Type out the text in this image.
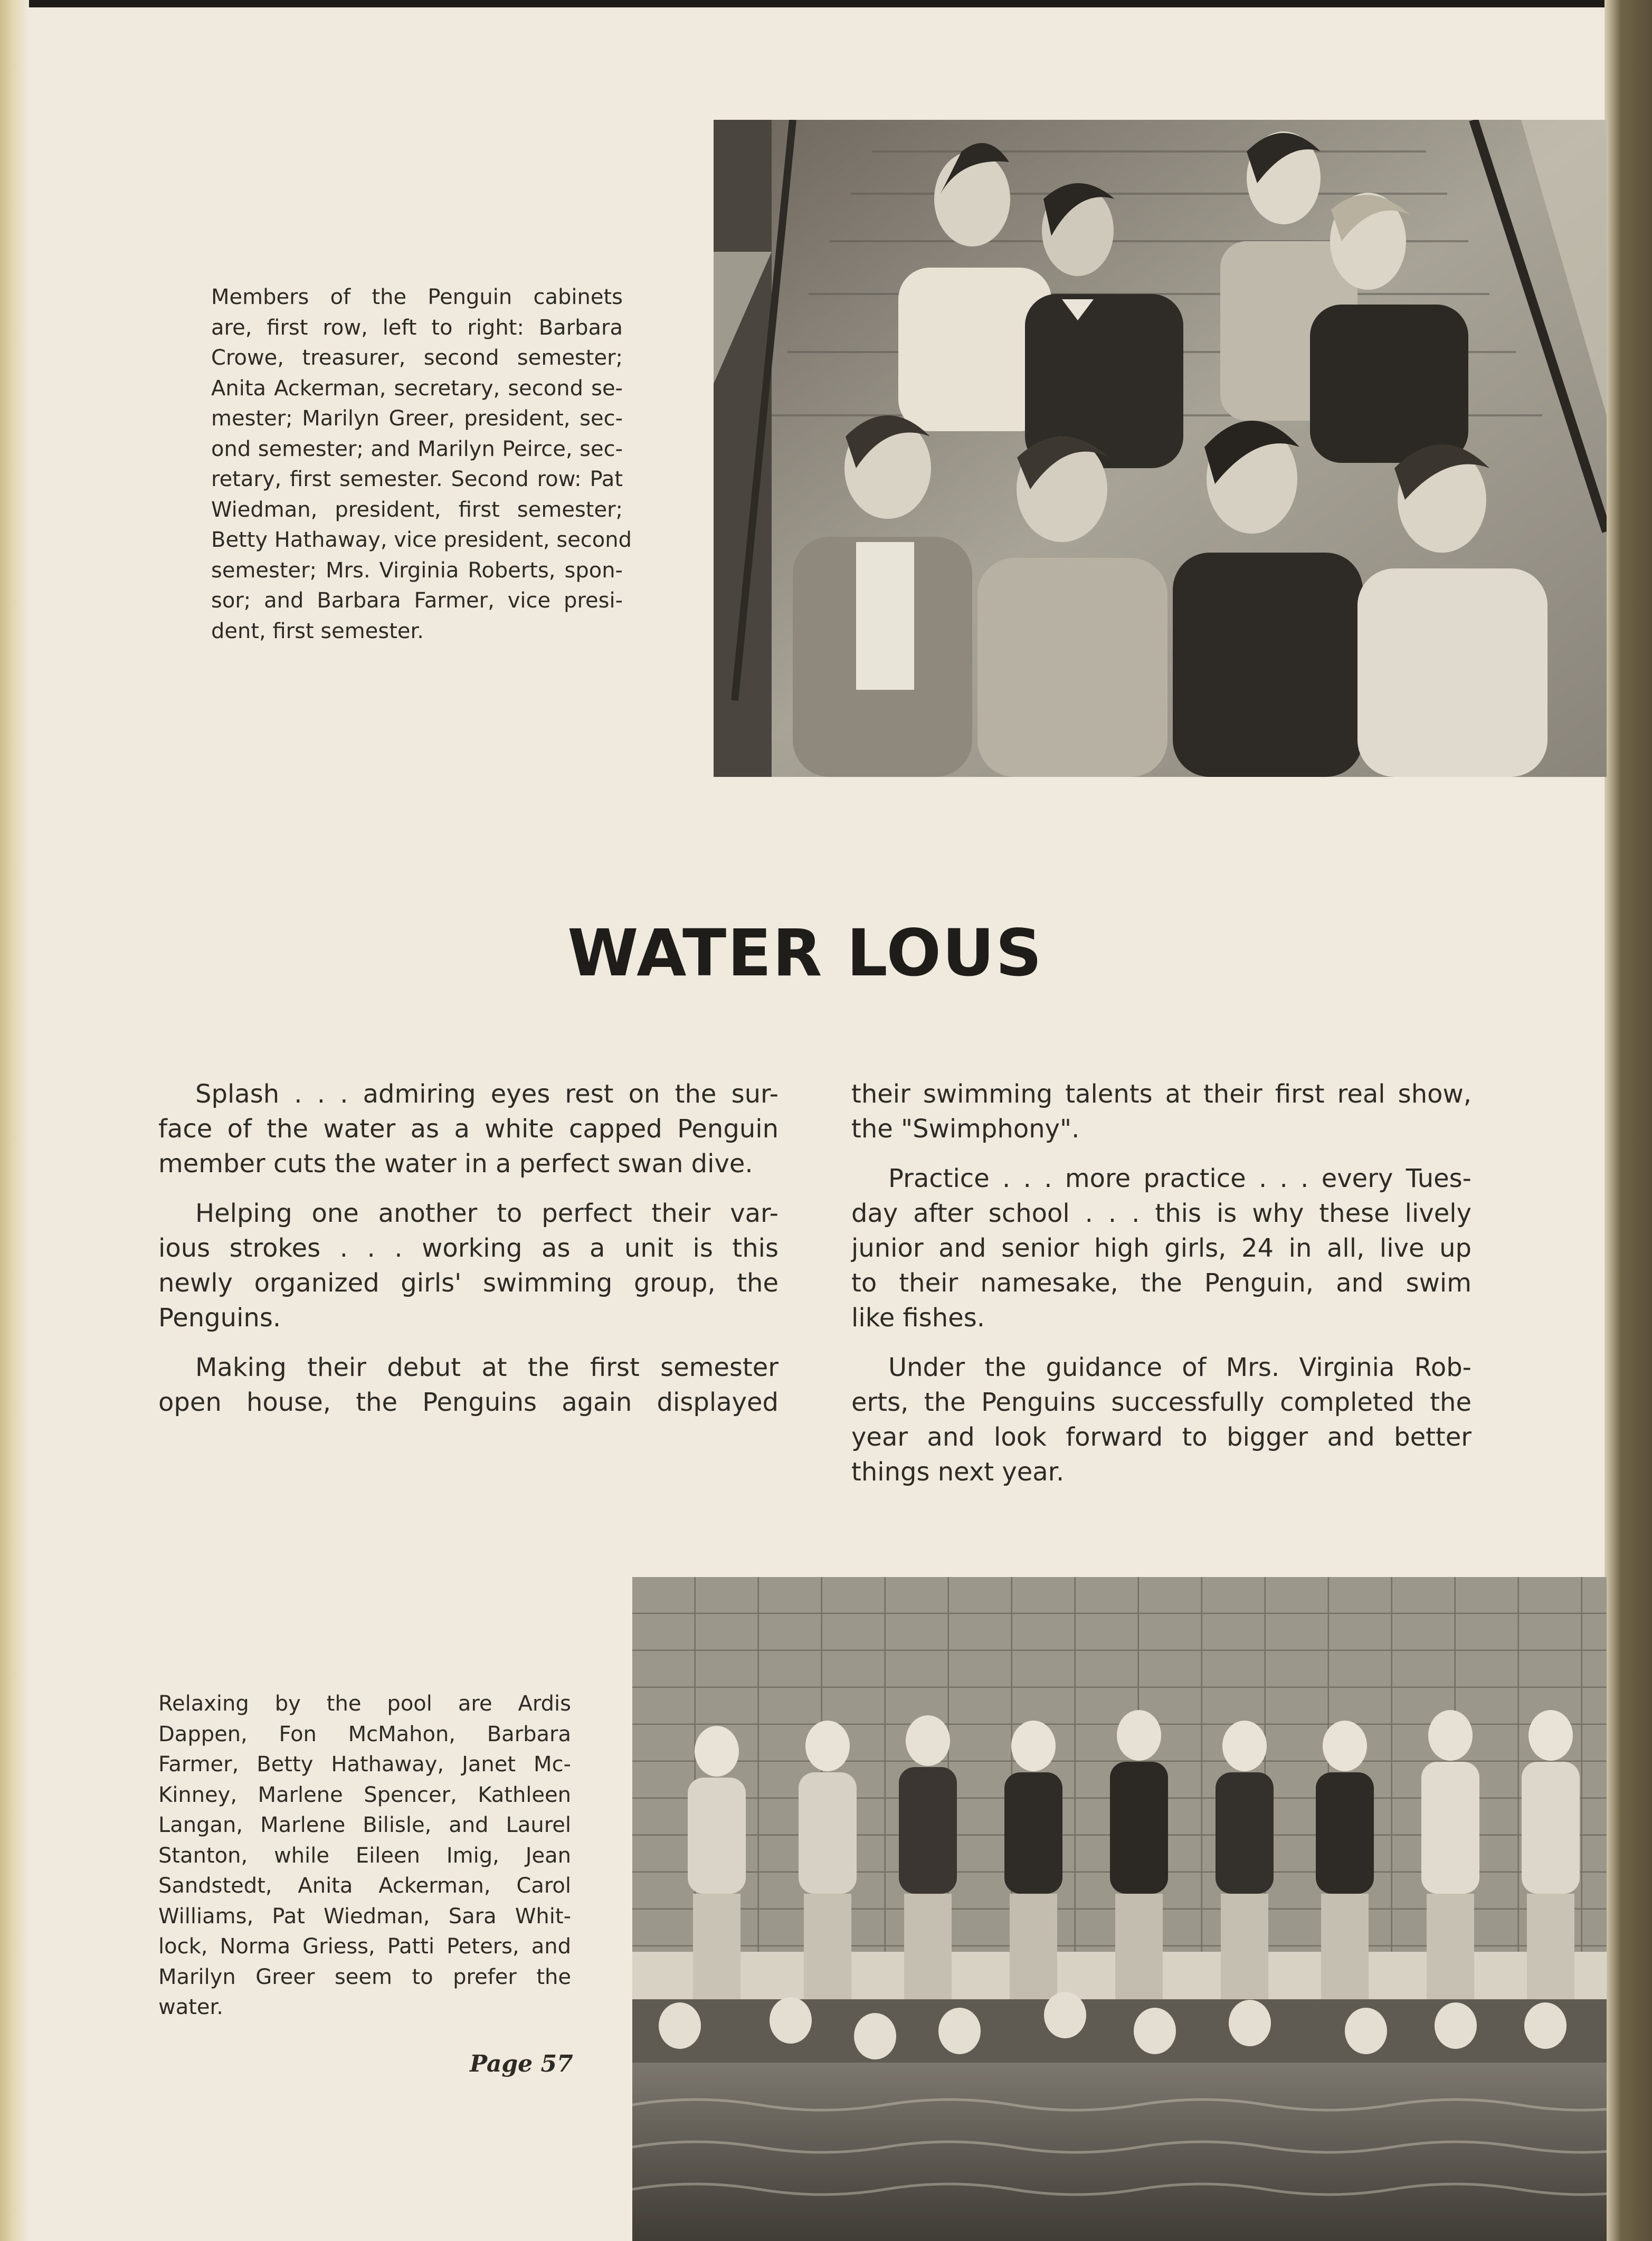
Members of the Penguin cabinets
are, first row, left to right: Barbara
Crowe, treasurer, second semester;
Anita Ackerman, secretary, second se-
mester; Marilyn Greer, president, sec-
ond semester; and Marilyn Peirce, sec-
retary, first semester. Second row: Pat
Wiedman, president, first semester;
Betty Hathaway, vice president, second
semester; Mrs. Virginia Roberts, spon-
sor; and Barbara Farmer, vice presi-
dent, first semester.
WATER LOUS

Splash . . . admiring eyes rest on the sur-
face of the water as a white capped Penguin
member cuts the water in a perfect swan dive.

Helping one another to perfect their var-
ious strokes . . . working as a unit is this
newly organized girls' swimming group, the
Penguins.

Making their debut at the first semester
open house, the Penguins again displayed

their swimming talents at their first real show,
the "Swimphony".

Practice . . . more practice . . . every Tues-
day after school . . . this is why these lively
junior and senior high girls, 24 in all, live up
to their namesake, the Penguin, and swim
like fishes.

Under the guidance of Mrs. Virginia Rob-
erts, the Penguins successfully completed the
year and look forward to bigger and better
things next year.

Relaxing by the pool are Ardis
Dappen, Fon McMahon, Barbara
Farmer, Betty Hathaway, Janet Mc-
Kinney, Marlene Spencer, Kathleen
Langan, Marlene Bilisle, and Laurel
Stanton, while Eileen Imig, Jean
Sandstedt, Anita Ackerman, Carol
Williams, Pat Wiedman, Sara Whit-
lock, Norma Griess, Patti Peters, and
Marilyn Greer seem to prefer the
water.
Page 57
